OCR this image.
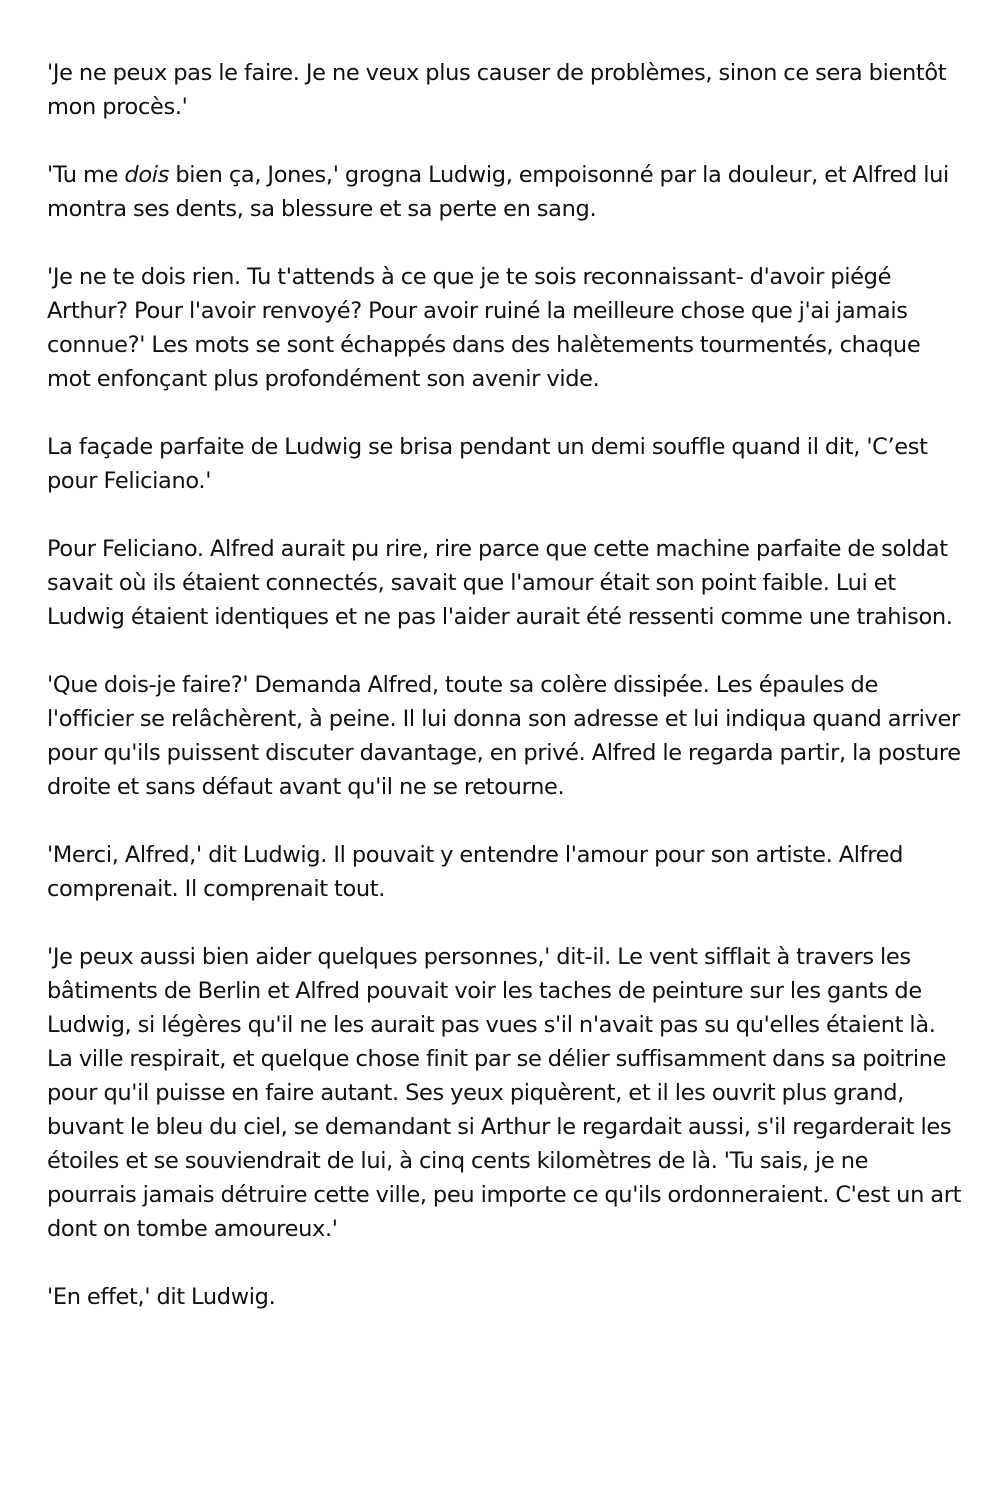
'Je ne peux pas le faire. Je ne veux plus causer de problèmes, sinon ce sera bientôt mon procès.'

'Tu me dois bien ça, Jones,' grogna Ludwig, empoisonné par la douleur, et Alfred lui montra ses dents, sa blessure et sa perte en sang.

'Je ne te dois rien. Tu t'attends à ce que je te sois reconnaissant- d'avoir piégé Arthur? Pour l'avoir renvoyé? Pour avoir ruiné la meilleure chose que j'ai jamais connue?' Les mots se sont échappés dans des halètements tourmentés, chaque mot enfonçant plus profondément son avenir vide.

La façade parfaite de Ludwig se brisa pendant un demi souffle quand il dit, 'C’est pour Feliciano.'

Pour Feliciano. Alfred aurait pu rire, rire parce que cette machine parfaite de soldat savait où ils étaient connectés, savait que l'amour était son point faible. Lui et Ludwig étaient identiques et ne pas l'aider aurait été ressenti comme une trahison.

'Que dois-je faire?' Demanda Alfred, toute sa colère dissipée. Les épaules de l'officier se relâchèrent, à peine. Il lui donna son adresse et lui indiqua quand arriver pour qu'ils puissent discuter davantage, en privé. Alfred le regarda partir, la posture droite et sans défaut avant qu'il ne se retourne.

'Merci, Alfred,' dit Ludwig. Il pouvait y entendre l'amour pour son artiste. Alfred comprenait. Il comprenait tout.

'Je peux aussi bien aider quelques personnes,' dit-il. Le vent sifflait à travers les bâtiments de Berlin et Alfred pouvait voir les taches de peinture sur les gants de Ludwig, si légères qu'il ne les aurait pas vues s'il n'avait pas su qu'elles étaient là. La ville respirait, et quelque chose finit par se délier suffisamment dans sa poitrine pour qu'il puisse en faire autant. Ses yeux piquèrent, et il les ouvrit plus grand, buvant le bleu du ciel, se demandant si Arthur le regardait aussi, s'il regarderait les étoiles et se souviendrait de lui, à cinq cents kilomètres de là. 'Tu sais, je ne pourrais jamais détruire cette ville, peu importe ce qu'ils ordonneraient. C'est un art dont on tombe amoureux.'

'En effet,' dit Ludwig.
